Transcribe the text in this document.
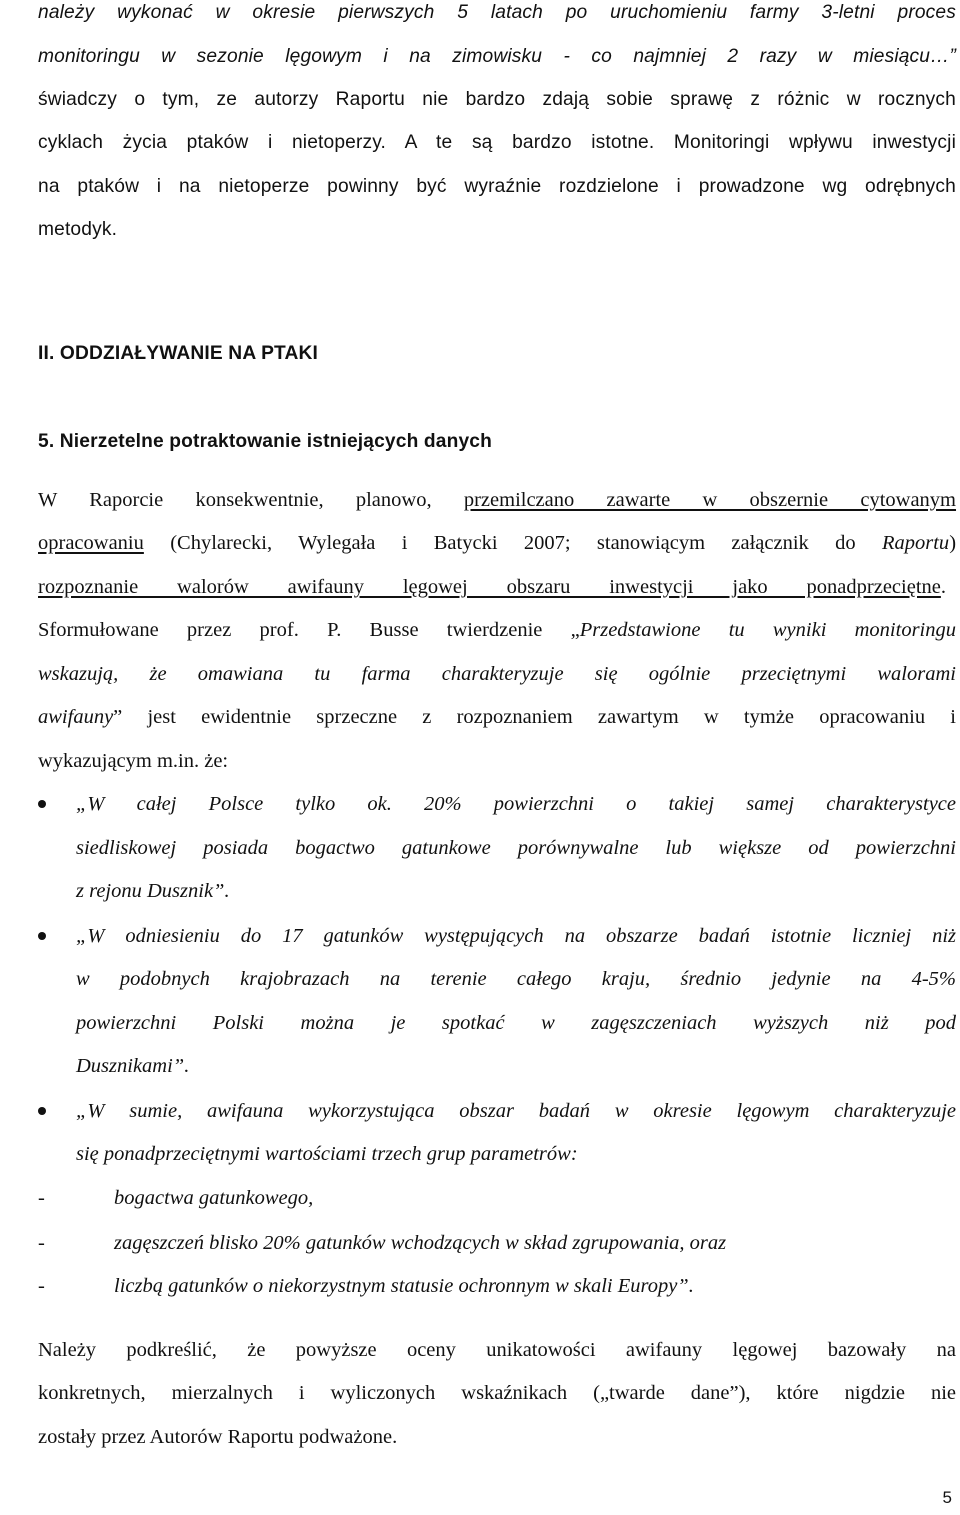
należy wykonać w okresie pierwszych 5 latach po uruchomieniu farmy 3-letni proces
monitoringu w sezonie lęgowym i na zimowisku - co najmniej 2 razy w miesiącu…”
świadczy o tym, ze autorzy Raportu nie bardzo zdają sobie sprawę z różnic w rocznych
cyklach życia ptaków i nietoperzy. A te są bardzo istotne. Monitoringi wpływu inwestycji
na ptaków i na nietoperze powinny być wyraźnie rozdzielone i prowadzone wg odrębnych
metodyk.
II. ODDZIAŁYWANIE NA PTAKI
5. Nierzetelne potraktowanie istniejących danych
W Raporcie konsekwentnie, planowo, przemilczano zawarte w obszernie cytowanym
opracowaniu (Chylarecki, Wylegała i Batycki 2007; stanowiącym załącznik do Raportu)
rozpoznanie walorów awifauny lęgowej obszaru inwestycji jako ponadprzeciętne.
Sformułowane przez prof. P. Busse twierdzenie „Przedstawione tu wyniki monitoringu
wskazują, że omawiana tu farma charakteryzuje się ogólnie przeciętnymi walorami
awifauny” jest ewidentnie sprzeczne z rozpoznaniem zawartym w tymże opracowaniu i
wykazującym m.in. że:
„W całej Polsce tylko ok. 20% powierzchni o takiej samej charakterystyce
siedliskowej posiada bogactwo gatunkowe porównywalne lub większe od powierzchni
z rejonu Dusznik”.
„W odniesieniu do 17 gatunków występujących na obszarze badań istotnie liczniej niż
w podobnych krajobrazach na terenie całego kraju, średnio jedynie na 4-5%
powierzchni Polski można je spotkać w zagęszczeniach wyższych niż pod
Dusznikami”.
„W sumie, awifauna wykorzystująca obszar badań w okresie lęgowym charakteryzuje
się ponadprzeciętnymi wartościami trzech grup parametrów:
-	bogactwa gatunkowego,
-	zagęszczeń blisko 20% gatunków wchodzących w skład zgrupowania, oraz
-	liczbą gatunków o niekorzystnym statusie ochronnym w skali Europy”.
Należy podkreślić, że powyższe oceny unikatowości awifauny lęgowej bazowały na
konkretnych, mierzalnych i wyliczonych wskaźnikach („twarde dane”), które nigdzie nie
zostały przez Autorów Raportu podważone.
5
